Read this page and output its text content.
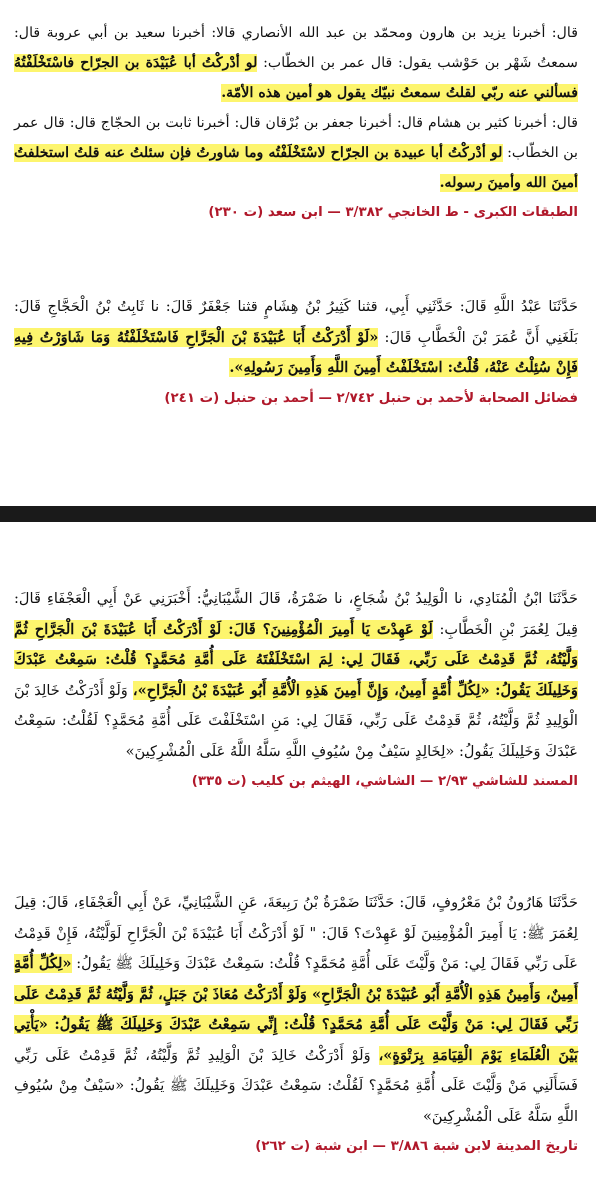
قال: أخبرنا يزيد بن هارون ومحمّد بن عبد الله الأنصاري قالا: أخبرنا سعيد بن أبي عروبة قال: سمعتُ شَهْر بن حَوْشب يقول: قال عمر بن الخطّاب: لو أدْركْتُ أبا عُبَيْدَة بن الجرّاح فاسْتَخْلَفْتُهُ فسألني عنه ربّي لقلتُ سمعتُ نبيّك يقول هو أمين هذه الأمّة.

قال: أخبرنا كثير بن هشام قال: أخبرنا جعفر بن بُرْقان قال: أخبرنا ثابت بن الحجّاج قال: قال عمر بن الخطّاب: لو أدْركْتُ أبا عبيدة بن الجرّاح لاسْتَخْلَفْتُه وما شاورتُ فإن سئلتُ عنه قلتُ استخلفتُ أمينَ الله وأمينَ رسوله.

الطبقات الكبرى - ط الخانجي ٣/٣٨٢ — ابن سعد (ت ٢٣٠)

حَدَّثَنَا عَبْدُ اللَّهِ قَالَ: حَدَّثَنِي أَبِي، قثنا كَثِيرُ بْنُ هِشَامٍ قثنا جَعْفَرٌ قَالَ: نا ثَابِتُ بْنُ الْحَجَّاجِ قَالَ: بَلَغَنِي أَنَّ عُمَرَ بْنَ الْخَطَّابِ قَالَ: «لَوْ أَدْرَكْتُ أَبَا عُبَيْدَةَ بْنَ الْجَرَّاحِ فَاسْتَخْلَفْتُهُ وَمَا شَاوَرْتُ فِيهِ فَإِنْ سُئِلْتُ عَنْهُ، قُلْتُ: اسْتَخْلَفْتُ أَمِينَ اللَّهِ وَأَمِينَ رَسُولِهِ».

فضائل الصحابة لأحمد بن حنبل ٢/٧٤٢ — أحمد بن حنبل (ت ٢٤١)

حَدَّثَنَا ابْنُ الْمُنَادِي، نا الْوَلِيدُ بْنُ شُجَاعٍ، نا ضَمْرَةُ، قَالَ الشَّيْبَانِيُّ: أَخْبَرَنِي عَنْ أَبِي الْعَجْفَاءِ قَالَ: قِيلَ لِعُمَرَ بْنِ الْخَطَّابِ: لَوْ عَهِدْتَ يَا أَمِيرَ الْمُؤْمِنِينَ؟ قَالَ: لَوْ أَدْرَكْتُ أَبَا عُبَيْدَةَ بْنَ الْجَرَّاحِ ثُمَّ وَلَّيْتُهُ، ثُمَّ قَدِمْتُ عَلَى رَبِّي، فَقَالَ لِي: لِمَ اسْتَخْلَفْتَهُ عَلَى أُمَّةِ مُحَمَّدٍ؟ قُلْتُ: سَمِعْتُ عَبْدَكَ وَخَلِيلَكَ يَقُولُ: «لِكُلِّ أُمَّةٍ أَمِينٌ، وَإِنَّ أَمِينَ هَذِهِ الْأُمَّةِ أَبُو عُبَيْدَةَ بْنُ الْجَرَّاحِ»، وَلَوْ أَدْرَكْتُ خَالِدَ بْنَ الْوَلِيدِ ثُمَّ وَلَّيْتُهُ، ثُمَّ قَدِمْتُ عَلَى رَبِّي، فَقَالَ لِي: مَنِ اسْتَخْلَفْتَ عَلَى أُمَّةِ مُحَمَّدٍ؟ لَقُلْتُ: سَمِعْتُ عَبْدَكَ وَخَلِيلَكَ يَقُولُ: «لِخَالِدٍ سَيْفٌ مِنْ سُيُوفِ اللَّهِ سَلَّهُ اللَّهُ عَلَى الْمُشْرِكِينَ»

المسند للشاشي ٢/٩٣ — الشاشي، الهيثم بن كليب (ت ٣٣٥)

حَدَّثَنَا هَارُونُ بْنُ مَعْرُوفٍ، قَالَ: حَدَّثَنَا ضَمْرَةُ بْنُ رَبِيعَةَ، عَنِ الشَّيْبَانِيِّ، عَنْ أَبِي الْعَجْفَاءِ، قَالَ: قِيلَ لِعُمَرَ ﷺ: يَا أَمِيرَ الْمُؤْمِنِينَ لَوْ عَهِدْتَ؟ قَالَ: " لَوْ أَدْرَكْتُ أَبَا عُبَيْدَةَ بْنَ الْجَرَّاحِ لَوَلَّيْتُهُ، فَإِنْ قَدِمْتُ عَلَى رَبِّي فَقَالَ لِي: مَنْ وَلَّيْتَ عَلَى أُمَّةِ مُحَمَّدٍ؟ قُلْتُ: سَمِعْتُ عَبْدَكَ وَخَلِيلَكَ ﷺ يَقُولُ: «لِكُلِّ أُمَّةٍ أَمِينٌ، وَأَمِينُ هَذِهِ الْأُمَّةِ أَبُو عُبَيْدَةَ بْنُ الْجَرَّاحِ» وَلَوْ أَدْرَكْتُ مُعَاذَ بْنَ جَبَلٍ، ثُمَّ وَلَّيْتُهُ ثُمَّ قَدِمْتُ عَلَى رَبِّي فَقَالَ لِي: مَنْ وَلَّيْتَ عَلَى أُمَّةِ مُحَمَّدٍ؟ قُلْتُ: إِنِّي سَمِعْتُ عَبْدَكَ وَخَلِيلَكَ ﷺ يَقُولُ: «يَأْتِي بَيْنَ الْعُلَمَاءِ يَوْمَ الْقِيَامَةِ بِرَتْوَةٍ»، وَلَوْ أَدْرَكْتُ خَالِدَ بْنَ الْوَلِيدِ ثُمَّ وَلَّيْتُهُ، ثُمَّ قَدِمْتُ عَلَى رَبِّي فَسَأَلَنِي مَنْ وَلَّيْتَ عَلَى أُمَّةِ مُحَمَّدٍ؟ لَقُلْتُ: سَمِعْتُ عَبْدَكَ وَخَلِيلَكَ ﷺ يَقُولُ: «سَيْفٌ مِنْ سُيُوفِ اللَّهِ سَلَّهُ عَلَى الْمُشْرِكِينَ»

تاريخ المدينة لابن شبة ٣/٨٨٦ — ابن شبة (ت ٢٦٢)
